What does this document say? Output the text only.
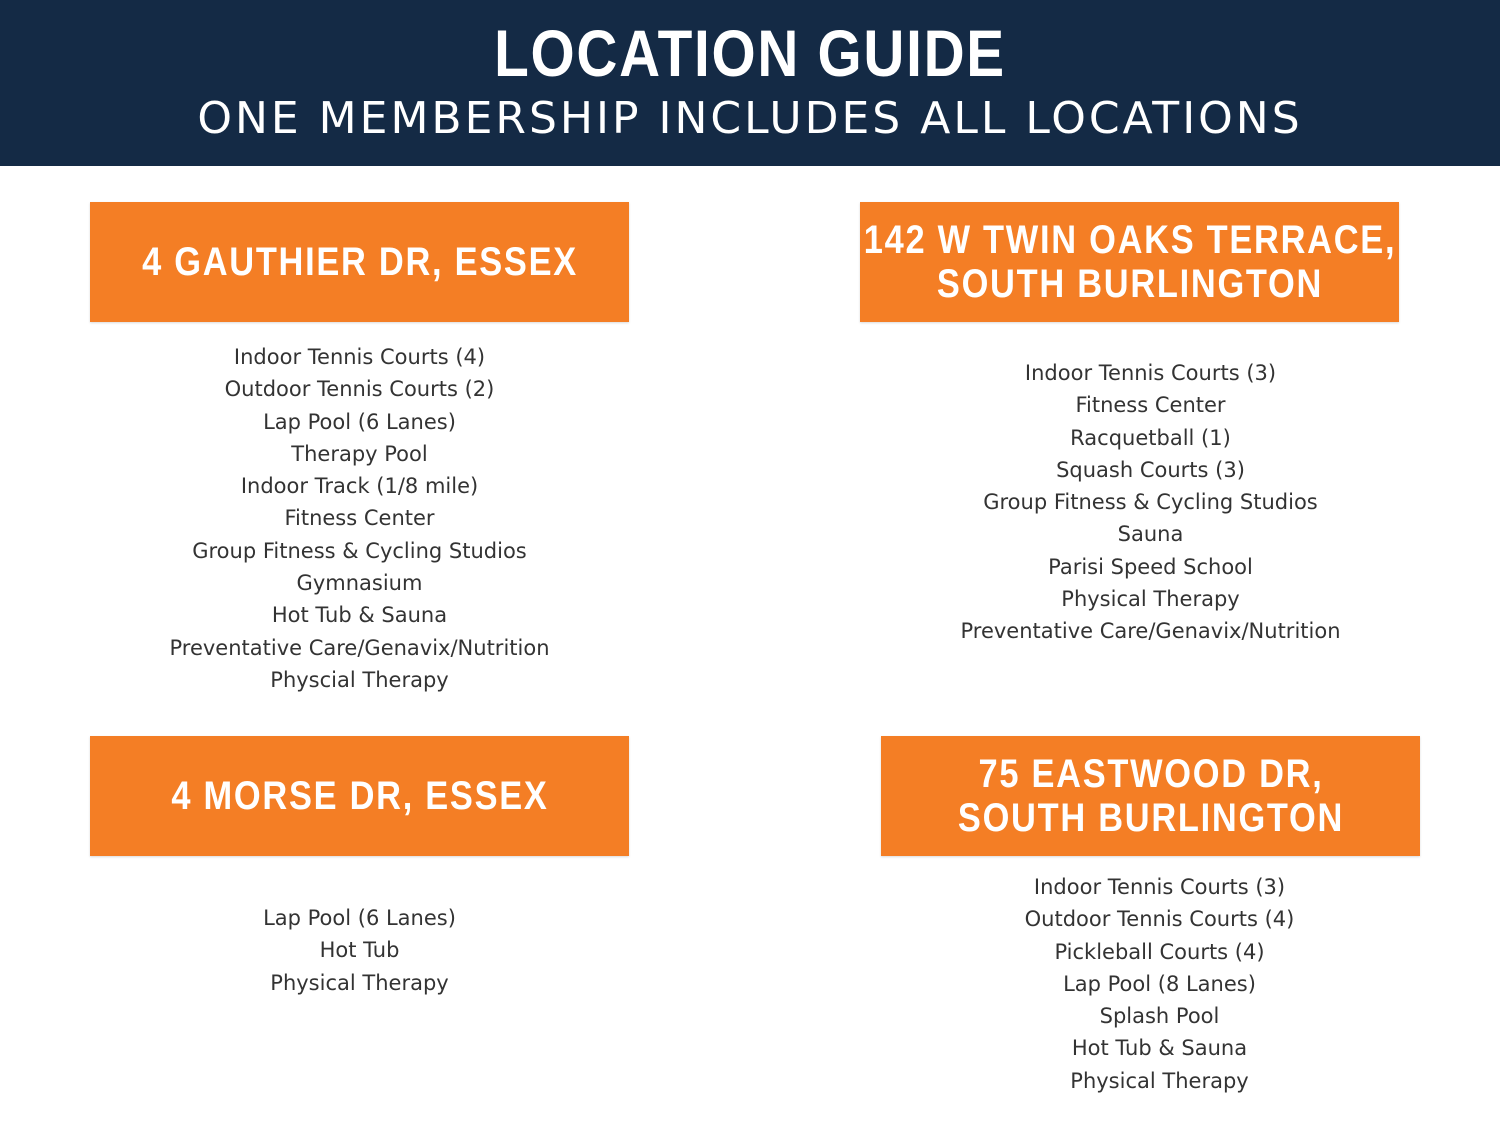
LOCATION GUIDE
ONE MEMBERSHIP INCLUDES ALL LOCATIONS
4 GAUTHIER DR, ESSEX
Indoor Tennis Courts (4)
Outdoor Tennis Courts (2)
Lap Pool (6 Lanes)
Therapy Pool
Indoor Track (1/8 mile)
Fitness Center
Group Fitness & Cycling Studios
Gymnasium
Hot Tub & Sauna
Preventative Care/Genavix/Nutrition
Physcial Therapy
142 W TWIN OAKS TERRACE,
SOUTH BURLINGTON
Indoor Tennis Courts (3)
Fitness Center
Racquetball (1)
Squash Courts (3)
Group Fitness & Cycling Studios
Sauna
Parisi Speed School
Physical Therapy
Preventative Care/Genavix/Nutrition
4 MORSE DR, ESSEX
Lap Pool (6 Lanes)
Hot Tub
Physical Therapy
75 EASTWOOD DR,
SOUTH BURLINGTON
Indoor Tennis Courts (3)
Outdoor Tennis Courts (4)
Pickleball Courts (4)
Lap Pool (8 Lanes)
Splash Pool
Hot Tub & Sauna
Physical Therapy
